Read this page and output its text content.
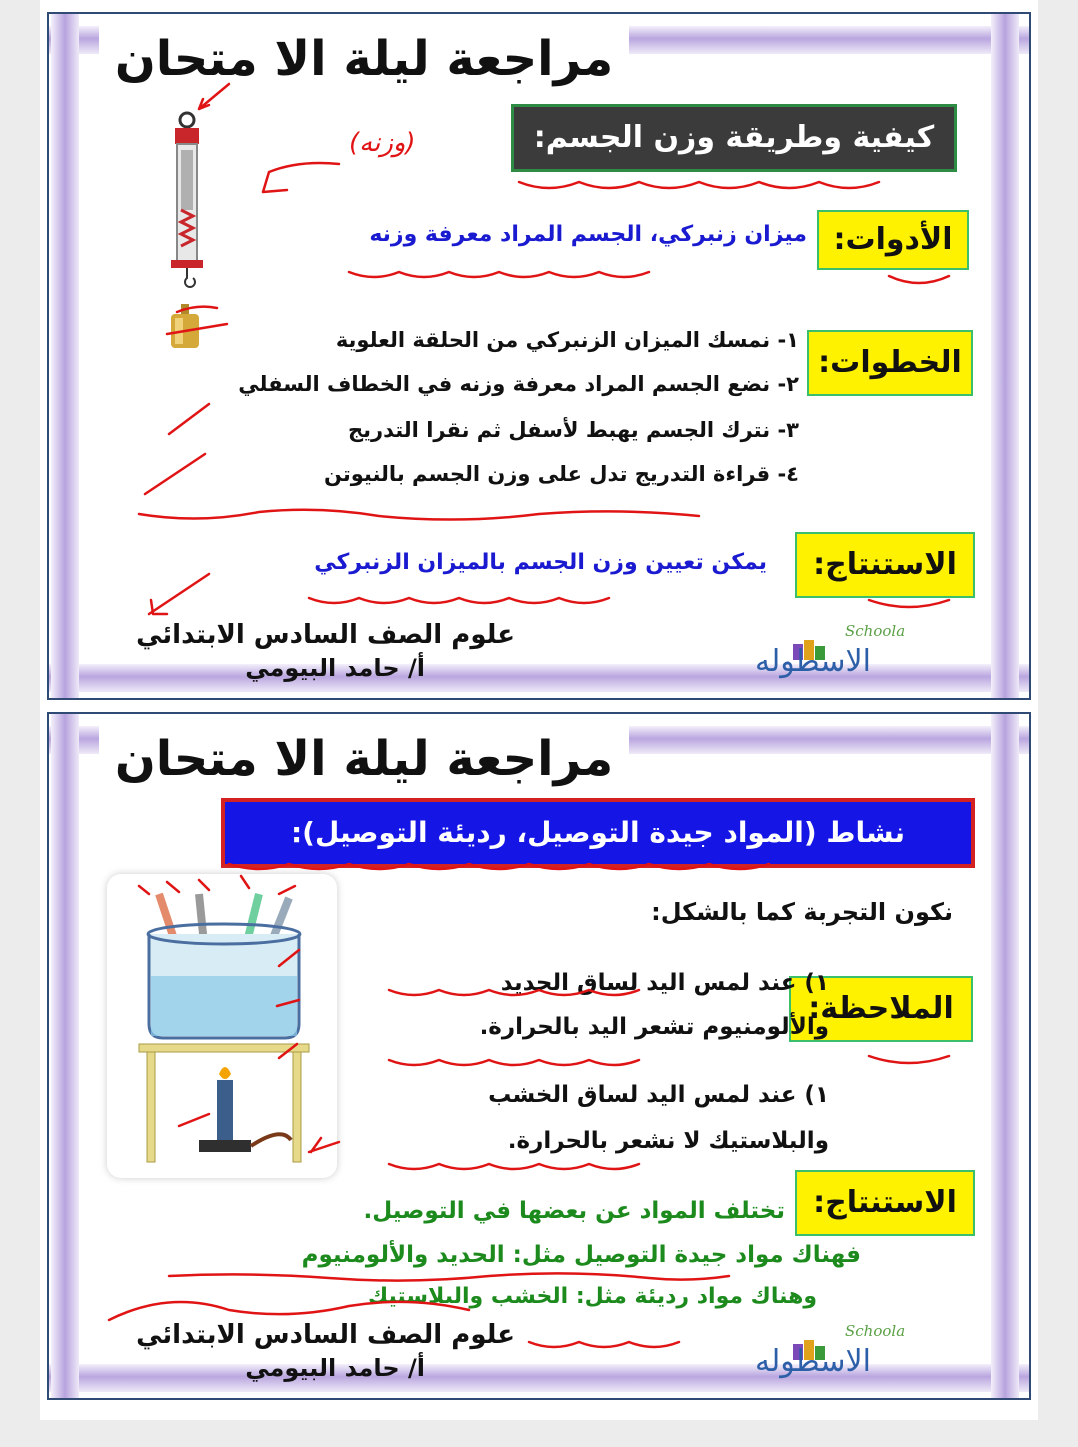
مراجعة ليلة الا متحان
(وزنه)	كيفية وطريقة وزن الجسم:
الأدوات:
ميزان زنبركي، الجسم المراد معرفة وزنه
الخطوات:
١- نمسك الميزان الزنبركي من الحلقة العلوية
٢- نضع الجسم المراد معرفة وزنه في الخطاف السفلي
٣- نترك الجسم يهبط لأسفل ثم نقرا التدريج
٤- قراءة التدريج تدل على وزن الجسم بالنيوتن
الاستنتاج:
يمكن تعيين وزن الجسم بالميزان الزنبركي
علوم الصف السادس الابتدائي
أ/ حامد البيومي
Schoola
الاسطوله
مراجعة ليلة الا متحان
نشاط (المواد جيدة التوصيل، رديئة التوصيل):
نكون التجربة كما بالشكل:
الملاحظة:
١) عند لمس اليد لساق الحديد
والألومنيوم تشعر اليد بالحرارة.
١) عند لمس اليد لساق الخشب
والبلاستيك لا نشعر بالحرارة.
الاستنتاج:
تختلف المواد عن بعضها في التوصيل.
فهناك مواد جيدة التوصيل مثل: الحديد والألومنيوم
وهناك مواد رديئة مثل: الخشب والبلاستيك
علوم الصف السادس الابتدائي
أ/ حامد البيومي
Schoola
الاسطوله
